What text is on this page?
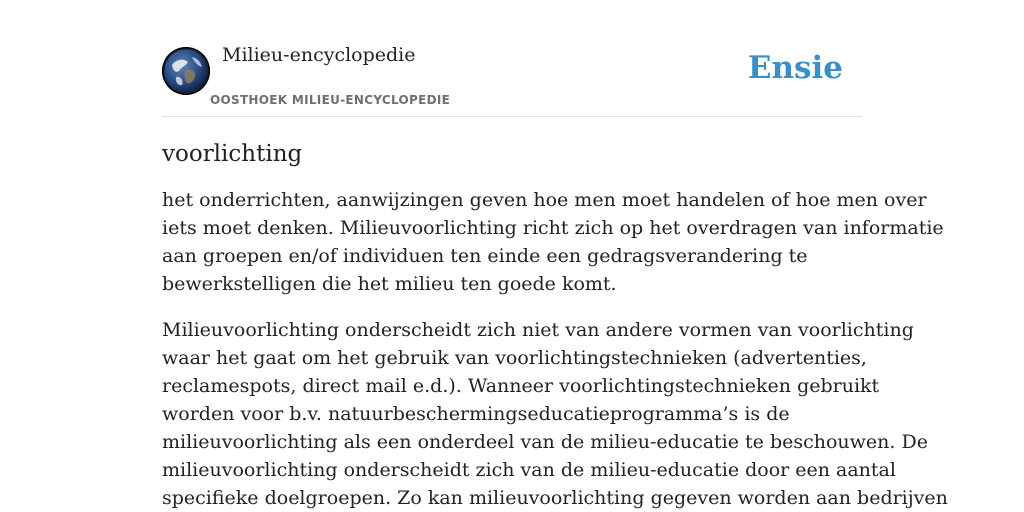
Milieu-encyclopedie
OOSTHOEK MILIEU-ENCYCLOPEDIE
Ensie
voorlichting

het onderrichten, aanwijzingen geven hoe men moet handelen of hoe men over
iets moet denken. Milieuvoorlichting richt zich op het overdragen van informatie
aan groepen en/of individuen ten einde een gedragsverandering te
bewerkstelligen die het milieu ten goede komt.

Milieuvoorlichting onderscheidt zich niet van andere vormen van voorlichting
waar het gaat om het gebruik van voorlichtingstechnieken (advertenties,
reclamespots, direct mail e.d.). Wanneer voorlichtingstechnieken gebruikt
worden voor b.v. natuurbeschermingseducatieprogramma’s is de
milieuvoorlichting als een onderdeel van de milieu-educatie te beschouwen. De
milieuvoorlichting onderscheidt zich van de milieu-educatie door een aantal
specifieke doelgroepen. Zo kan milieuvoorlichting gegeven worden aan bedrijven
